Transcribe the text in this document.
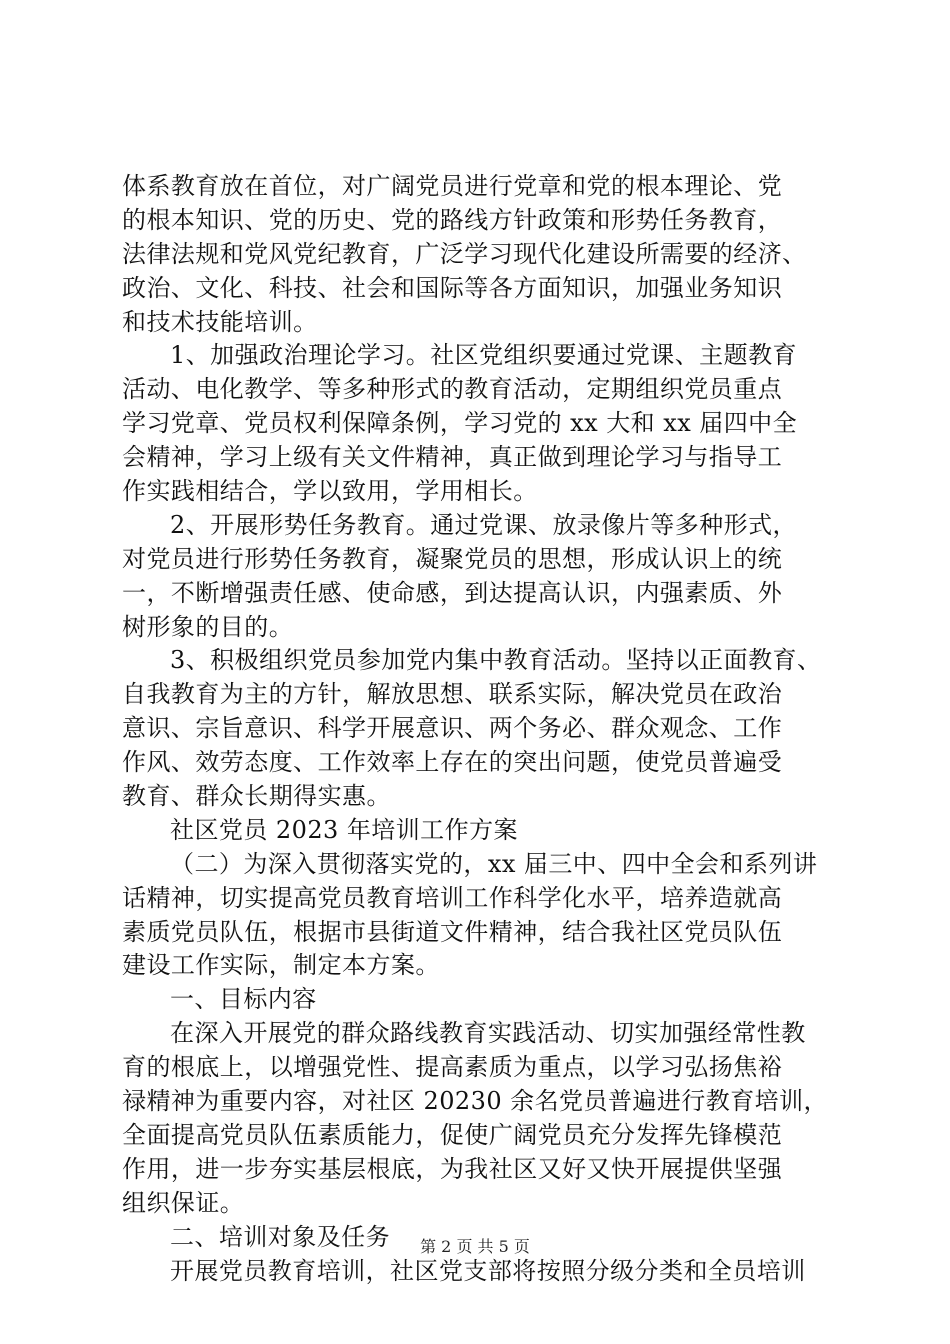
体系教育放在首位，对广阔党员进行党章和党的根本理论、党
的根本知识、党的历史、党的路线方针政策和形势任务教育，
法律法规和党风党纪教育，广泛学习现代化建设所需要的经济、
政治、文化、科技、社会和国际等各方面知识，加强业务知识
和技术技能培训。
1、加强政治理论学习。社区党组织要通过党课、主题教育
活动、电化教学、等多种形式的教育活动，定期组织党员重点
学习党章、党员权利保障条例，学习党的 xx 大和 xx 届四中全
会精神，学习上级有关文件精神，真正做到理论学习与指导工
作实践相结合，学以致用，学用相长。
2、开展形势任务教育。通过党课、放录像片等多种形式，
对党员进行形势任务教育，凝聚党员的思想，形成认识上的统
一，不断增强责任感、使命感，到达提高认识，内强素质、外
树形象的目的。
3、积极组织党员参加党内集中教育活动。坚持以正面教育、
自我教育为主的方针，解放思想、联系实际，解决党员在政治
意识、宗旨意识、科学开展意识、两个务必、群众观念、工作
作风、效劳态度、工作效率上存在的突出问题，使党员普遍受
教育、群众长期得实惠。
社区党员 2023 年培训工作方案
（二）为深入贯彻落实党的，xx 届三中、四中全会和系列讲
话精神，切实提高党员教育培训工作科学化水平，培养造就高
素质党员队伍，根据市县街道文件精神，结合我社区党员队伍
建设工作实际，制定本方案。
一、目标内容
在深入开展党的群众路线教育实践活动、切实加强经常性教
育的根底上，以增强党性、提高素质为重点，以学习弘扬焦裕
禄精神为重要内容，对社区 20230 余名党员普遍进行教育培训，
全面提高党员队伍素质能力，促使广阔党员充分发挥先锋模范
作用，进一步夯实基层根底，为我社区又好又快开展提供坚强
组织保证。
二、培训对象及任务
开展党员教育培训，社区党支部将按照分级分类和全员培训
第 2 页 共 5 页
